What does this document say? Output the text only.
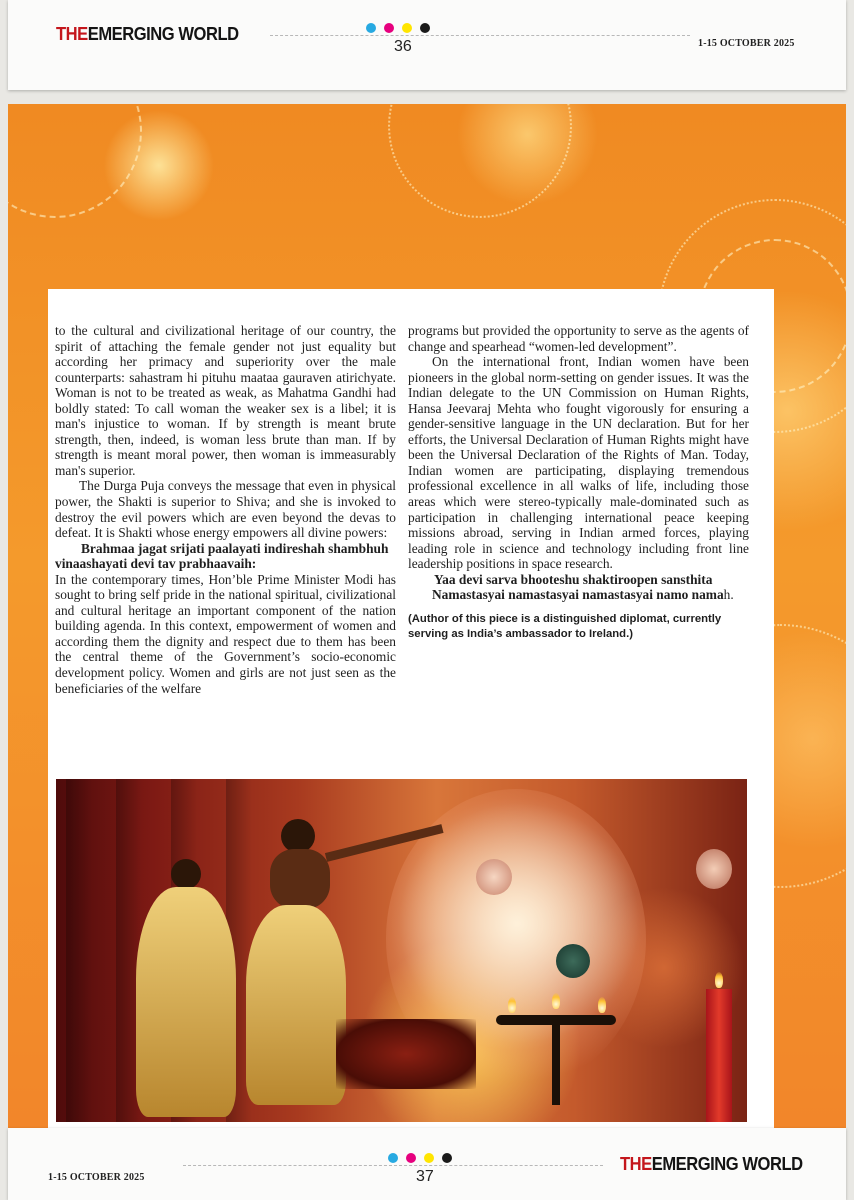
THEEMERGING WORLD
36	1-15 OCTOBER 2025

to the cultural and civilizational heritage of our country, the spirit of attaching the female gender not just equality but according her primacy and superiority over the male counterparts: sahastram hi pituhu maataa gauraven atirichyate. Woman is not to be treated as weak, as Mahatma Gandhi had boldly stated: To call woman the weaker sex is a libel; it is man's injustice to woman. If by strength is meant brute strength, then, indeed, is woman less brute than man. If by strength is meant moral power, then woman is immeasurably man's superior.

The Durga Puja conveys the message that even in physical power, the Shakti is superior to Shiva; and she is invoked to destroy the evil powers which are even beyond the devas to defeat. It is Shakti whose energy empowers all divine powers:

Brahmaa jagat srijati paalayati indireshah shambhuh vinaashayati devi tav prabhaavaih:

In the contemporary times, Hon’ble Prime Minister Modi has sought to bring self pride in the national spiritual, civilizational and cultural heritage an important component of the nation building agenda. In this context, empowerment of women and according them the dignity and respect due to them has been the central theme of the Government’s socio-economic development policy. Women and girls are not just seen as the beneficiaries of the welfare

programs but provided the opportunity to serve as the agents of change and spearhead “women-led development”.

On the international front, Indian women have been pioneers in the global norm-setting on gender issues. It was the Indian delegate to the UN Commission on Human Rights, Hansa Jeevaraj Mehta who fought vigorously for ensuring a gender-sensitive language in the UN declaration. But for her efforts, the Universal Declaration of Human Rights might have been the Universal Declaration of the Rights of Man. Today, Indian women are participating, displaying tremendous professional excellence in all walks of life, including those areas which were stereo-typically male-dominated such as participation in challenging international peace keeping missions abroad, serving in Indian armed forces, playing leading role in science and technology including front line leadership positions in space research.

Yaa devi sarva bhooteshu shaktiroopen sansthita

Namastasyai namastasyai namastasyai namo namah.

(Author of this piece is a distinguished diplomat, currently serving as India’s ambassador to Ireland.)

1-15 OCTOBER 2025	37
THEEMERGING WORLD
